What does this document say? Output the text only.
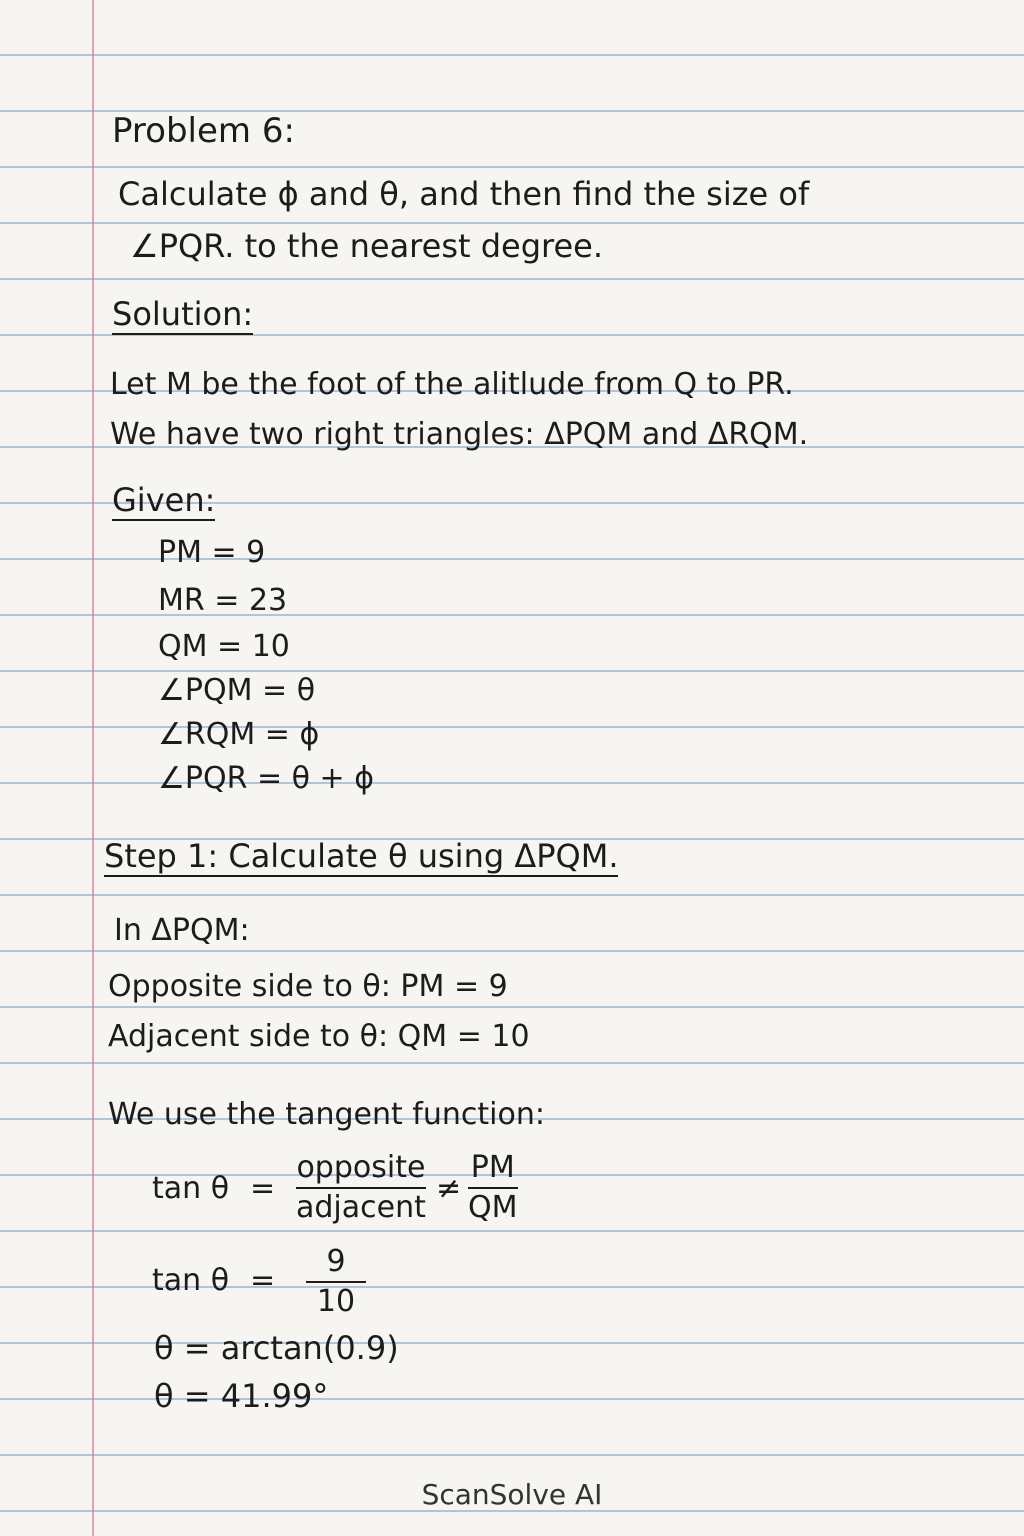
Problem 6:
Calculate ϕ and θ, and then find the size of
∠PQR. to the nearest degree.
Solution:
Let M be the foot of the alitlude from Q to PR.
We have two right triangles: ΔPQM and ΔRQM.
Given:
PM = 9
MR = 23
QM = 10
∠PQM = θ
∠RQM = ϕ
∠PQR = θ + ϕ
Step 1: Calculate θ using ΔPQM.
In ΔPQM:
Opposite side to θ: PM = 9
Adjacent side to θ: QM = 10
We use the tangent function:
tan θ =
opposite
adjacent
≠
PM
QM
tan θ =
9
10
θ = arctan(0.9)
θ = 41.99°
ScanSolve AI
